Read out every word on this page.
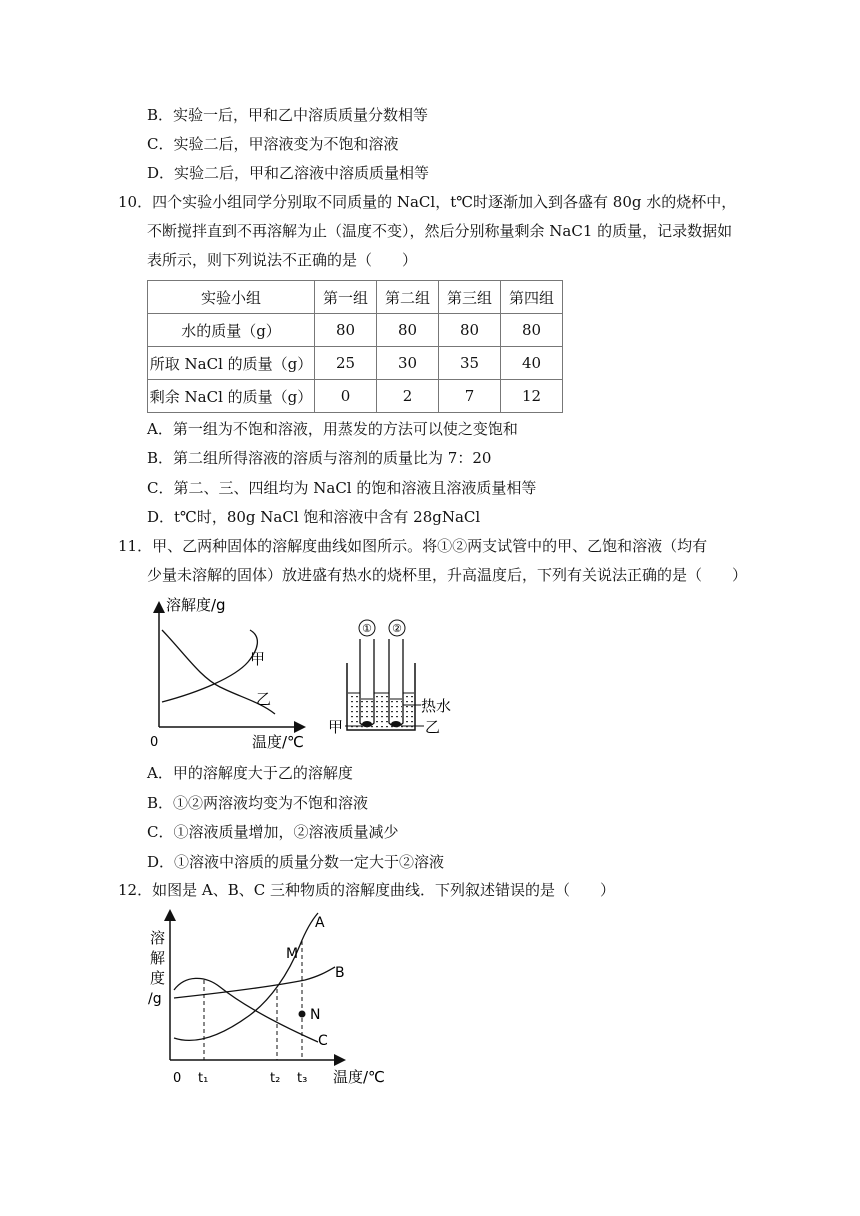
B．实验一后，甲和乙中溶质质量分数相等
C．实验二后，甲溶液变为不饱和溶液
D．实验二后，甲和乙溶液中溶质质量相等
10．四个实验小组同学分别取不同质量的 NaCl，t℃时逐渐加入到各盛有 80g 水的烧杯中，
不断搅拌直到不再溶解为止（温度不变），然后分别称量剩余 NaC1 的质量，记录数据如
表所示，则下列说法不正确的是（　　）
实验小组	第一组	第二组	第三组	第四组
水的质量（g）	80	80	80	80
所取 NaCl 的质量（g）	25	30	35	40
剩余 NaCl 的质量（g）	0	2	7	12
A．第一组为不饱和溶液，用蒸发的方法可以使之变饱和
B．第二组所得溶液的溶质与溶剂的质量比为 7：20
C．第二、三、四组均为 NaCl 的饱和溶液且溶液质量相等
D．t℃时，80g NaCl 饱和溶液中含有 28gNaCl
11．甲、乙两种固体的溶解度曲线如图所示。将①②两支试管中的甲、乙饱和溶液（均有
少量未溶解的固体）放进盛有热水的烧杯里，升高温度后，下列有关说法正确的是（　　）
溶解度/g
甲
乙
0	温度/℃
① ②
热水
甲	乙
A．甲的溶解度大于乙的溶解度
B．①②两溶液均变为不饱和溶液
C．①溶液质量增加，②溶液质量减少
D．①溶液中溶质的质量分数一定大于②溶液
12．如图是 A、B、C 三种物质的溶解度曲线．下列叙述错误的是（　　）
溶
解
度
/g
A
B
C
M
N
0 t₁	t₂ t₃ 温度/℃
